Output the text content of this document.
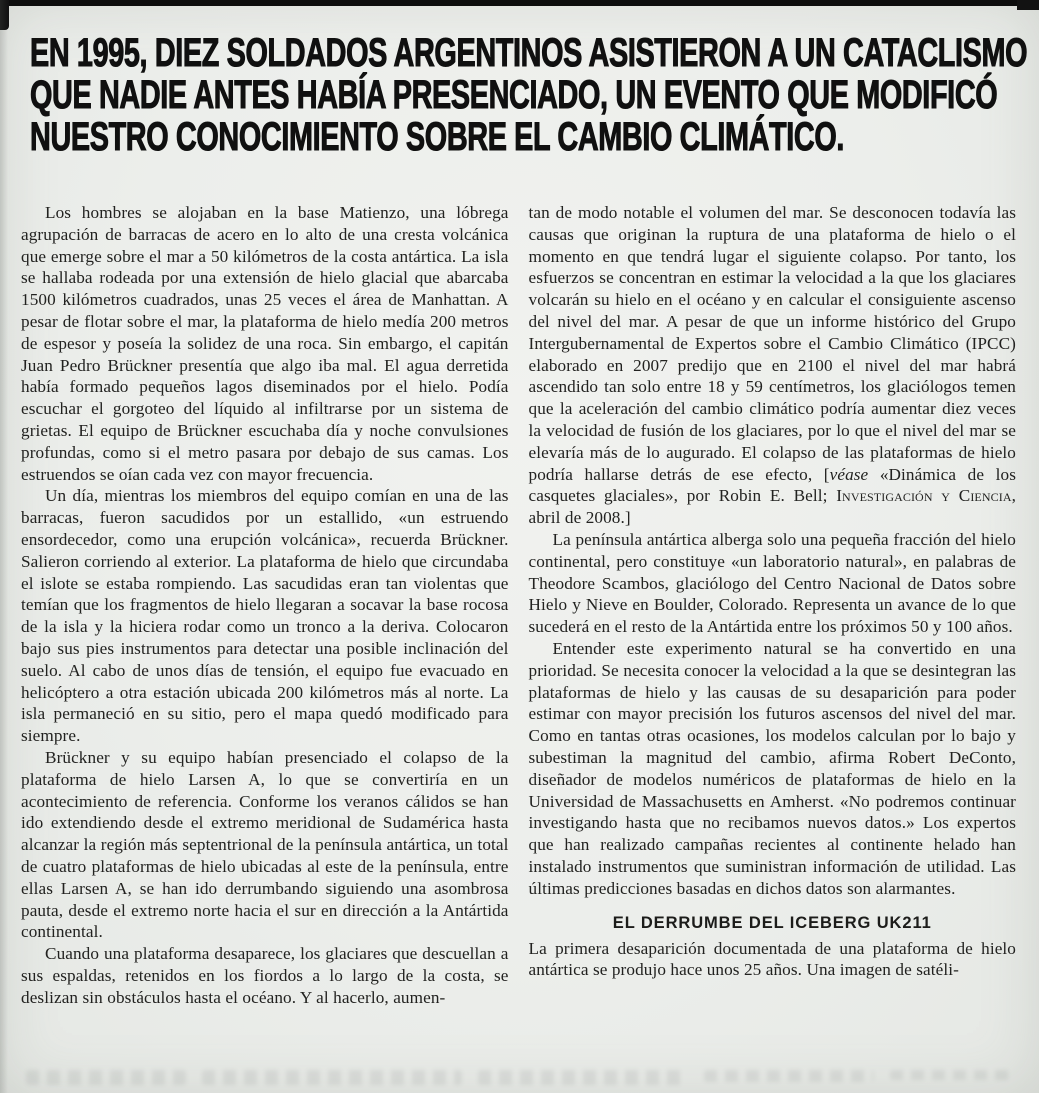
EN 1995, DIEZ SOLDADOS ARGENTINOS ASISTIERON A UN CATACLISMO
QUE NADIE ANTES HABÍA PRESENCIADO, UN EVENTO QUE MODIFICÓ
NUESTRO CONOCIMIENTO SOBRE EL CAMBIO CLIMÁTICO.

Los hombres se alojaban en la base Matienzo, una lóbrega agrupación de barracas de acero en lo alto de una cresta volcánica que emerge sobre el mar a 50 kilómetros de la costa antártica. La isla se hallaba rodeada por una extensión de hielo glacial que abarcaba 1500 kilómetros cuadrados, unas 25 veces el área de Manhattan. A pesar de flotar sobre el mar, la plataforma de hielo medía 200 metros de espesor y poseía la solidez de una roca. Sin embargo, el capitán Juan Pedro Brückner presentía que algo iba mal. El agua derretida había formado pequeños lagos diseminados por el hielo. Podía escuchar el gorgoteo del líquido al infiltrarse por un sistema de grietas. El equipo de Brückner escuchaba día y noche convulsiones profundas, como si el metro pasara por debajo de sus camas. Los estruendos se oían cada vez con mayor frecuencia.

Un día, mientras los miembros del equipo comían en una de las barracas, fueron sacudidos por un estallido, «un estruendo ensordecedor, como una erupción volcánica», recuerda Brückner. Salieron corriendo al exterior. La plataforma de hielo que circundaba el islote se estaba rompiendo. Las sacudidas eran tan violentas que temían que los fragmentos de hielo llegaran a socavar la base rocosa de la isla y la hiciera rodar como un tronco a la deriva. Colocaron bajo sus pies instrumentos para detectar una posible inclinación del suelo. Al cabo de unos días de tensión, el equipo fue evacuado en helicóptero a otra estación ubicada 200 kilómetros más al norte. La isla permaneció en su sitio, pero el mapa quedó modificado para siempre.

Brückner y su equipo habían presenciado el colapso de la plataforma de hielo Larsen A, lo que se convertiría en un acontecimiento de referencia. Conforme los veranos cálidos se han ido extendiendo desde el extremo meridional de Sudamérica hasta alcanzar la región más septentrional de la península antártica, un total de cuatro plataformas de hielo ubicadas al este de la península, entre ellas Larsen A, se han ido derrumbando siguiendo una asombrosa pauta, desde el extremo norte hacia el sur en dirección a la Antártida continental.

Cuando una plataforma desaparece, los glaciares que descuellan a sus espaldas, retenidos en los fiordos a lo largo de la costa, se deslizan sin obstáculos hasta el océano. Y al hacerlo, aumen-

tan de modo notable el volumen del mar. Se desconocen todavía las causas que originan la ruptura de una plataforma de hielo o el momento en que tendrá lugar el siguiente colapso. Por tanto, los esfuerzos se concentran en estimar la velocidad a la que los glaciares volcarán su hielo en el océano y en calcular el consiguiente ascenso del nivel del mar. A pesar de que un informe histórico del Grupo Intergubernamental de Expertos sobre el Cambio Climático (IPCC) elaborado en 2007 predijo que en 2100 el nivel del mar habrá ascendido tan solo entre 18 y 59 centímetros, los glaciólogos temen que la aceleración del cambio climático podría aumentar diez veces la velocidad de fusión de los glaciares, por lo que el nivel del mar se elevaría más de lo augurado. El colapso de las plataformas de hielo podría hallarse detrás de ese efecto, [véase «Dinámica de los casquetes glaciales», por Robin E. Bell; Investigación y Ciencia, abril de 2008.]

La península antártica alberga solo una pequeña fracción del hielo continental, pero constituye «un laboratorio natural», en palabras de Theodore Scambos, glaciólogo del Centro Nacional de Datos sobre Hielo y Nieve en Boulder, Colorado. Representa un avance de lo que sucederá en el resto de la Antártida entre los próximos 50 y 100 años.

Entender este experimento natural se ha convertido en una prioridad. Se necesita conocer la velocidad a la que se desintegran las plataformas de hielo y las causas de su desaparición para poder estimar con mayor precisión los futuros ascensos del nivel del mar. Como en tantas otras ocasiones, los modelos calculan por lo bajo y subestiman la magnitud del cambio, afirma Robert DeConto, diseñador de modelos numéricos de plataformas de hielo en la Universidad de Massachusetts en Amherst. «No podremos continuar investigando hasta que no recibamos nuevos datos.» Los expertos que han realizado campañas recientes al continente helado han instalado instrumentos que suministran información de utilidad. Las últimas predicciones basadas en dichos datos son alarmantes.

EL DERRUMBE DEL ICEBERG UK211

La primera desaparición documentada de una plataforma de hielo antártica se produjo hace unos 25 años. Una imagen de satéli-
